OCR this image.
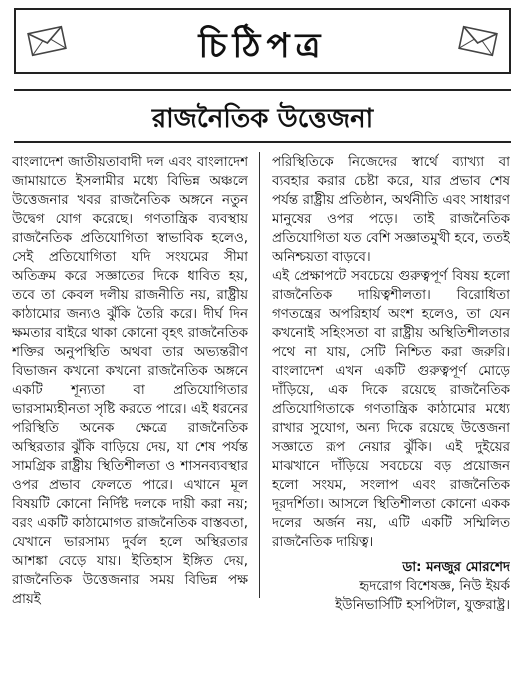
চিঠিপত্র
রাজনৈতিক উত্তেজনা

বাংলাদেশ জাতীয়তাবাদী দল এবং বাংলাদেশ জামায়াতে ইসলামীর মধ্যে বিভিন্ন অঞ্চলে উত্তেজনার খবর রাজনৈতিক অঙ্গনে নতুন উদ্বেগ যোগ করেছে। গণতান্ত্রিক ব্যবস্থায় রাজনৈতিক প্রতিযোগিতা স্বাভাবিক হলেও, সেই প্রতিযোগিতা যদি সংযমের সীমা অতিক্রম করে সজ্ঞাতের দিকে ধাবিত হয়, তবে তা কেবল দলীয় রাজনীতি নয়, রাষ্ট্রীয় কাঠামোর জন্যও ঝুঁকি তৈরি করে। দীর্ঘ দিন ক্ষমতার বাইরে থাকা কোনো বৃহৎ রাজনৈতিক শক্তির অনুপস্থিতি অথবা তার অভ্যন্তরীণ বিভাজন কখনো কখনো রাজনৈতিক অঙ্গনে একটি শূন্যতা বা প্রতিযোগিতার ভারসাম্যহীনতা সৃষ্টি করতে পারে। এই ধরনের পরিস্থিতি অনেক ক্ষেত্রে রাজনৈতিক অস্থিরতার ঝুঁকি বাড়িয়ে দেয়, যা শেষ পর্যন্ত সামগ্রিক রাষ্ট্রীয় স্থিতিশীলতা ও শাসনব্যবস্থার ওপর প্রভাব ফেলতে পারে। এখানে মূল বিষয়টি কোনো নির্দিষ্ট দলকে দায়ী করা নয়; বরং একটি কাঠামোগত রাজনৈতিক বাস্তবতা, যেখানে ভারসাম্য দুর্বল হলে অস্থিরতার আশঙ্কা বেড়ে যায়। ইতিহাস ইঙ্গিত দেয়, রাজনৈতিক উত্তেজনার সময় বিভিন্ন পক্ষ প্রায়ই

পরিস্থিতিকে নিজেদের স্বার্থে ব্যাখ্যা বা ব্যবহার করার চেষ্টা করে, যার প্রভাব শেষ পর্যন্ত রাষ্ট্রীয় প্রতিষ্ঠান, অর্থনীতি এবং সাধারণ মানুষের ওপর পড়ে। তাই রাজনৈতিক প্রতিযোগিতা যত বেশি সজ্ঞাতমুখী হবে, ততই অনিশ্চয়তা বাড়বে।

এই প্রেক্ষাপটে সবচেয়ে গুরুত্বপূর্ণ বিষয় হলো রাজনৈতিক দায়িত্বশীলতা। বিরোধিতা গণতন্ত্রের অপরিহার্য অংশ হলেও, তা যেন কখনোই সহিংসতা বা রাষ্ট্রীয় অস্থিতিশীলতার পথে না যায়, সেটি নিশ্চিত করা জরুরি। বাংলাদেশ এখন একটি গুরুত্বপূর্ণ মোড়ে দাঁড়িয়ে, এক দিকে রয়েছে রাজনৈতিক প্রতিযোগিতাকে গণতান্ত্রিক কাঠামোর মধ্যে রাখার সুযোগ, অন্য দিকে রয়েছে উত্তেজনা সজ্ঞাতে রূপ নেয়ার ঝুঁকি। এই দুইয়ের মাঝখানে দাঁড়িয়ে সবচেয়ে বড় প্রয়োজন হলো সংযম, সংলাপ এবং রাজনৈতিক দূরদর্শিতা। আসলে স্থিতিশীলতা কোনো একক দলের অর্জন নয়, এটি একটি সম্মিলিত রাজনৈতিক দায়িত্ব।

ডা: মনজুর মোরশেদ
হৃদরোগ বিশেষজ্ঞ, নিউ ইয়র্ক
ইউনিভার্সিটি হসপিটাল, যুক্তরাষ্ট্র।
